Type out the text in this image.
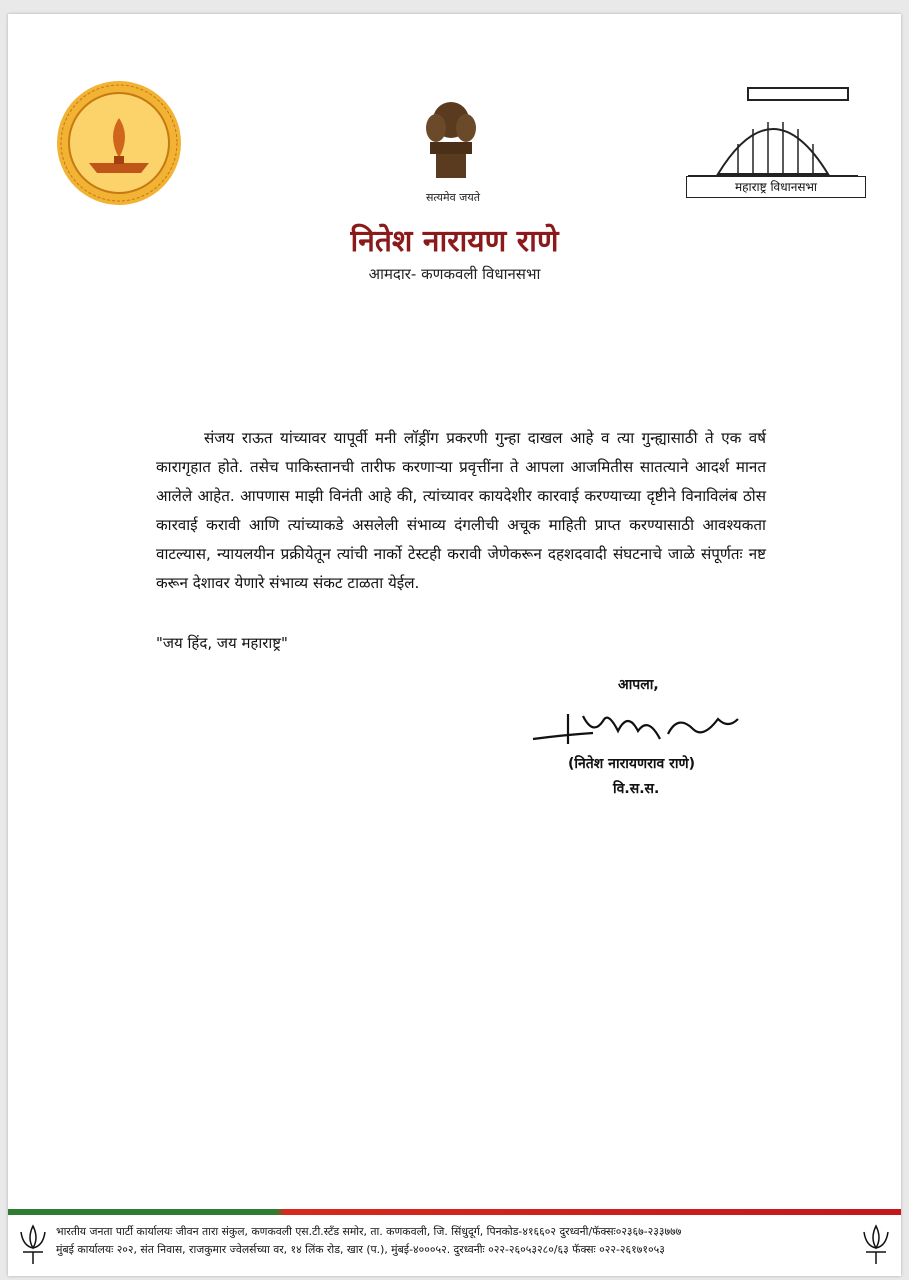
सत्यमेव जयते
महाराष्ट्र विधानसभा
नितेश नारायण राणे
आमदार- कणकवली विधानसभा
संजय राऊत यांच्यावर यापूर्वी मनी लॉड्रींग प्रकरणी गुन्हा दाखल आहे व त्या गुन्ह्यासाठी ते एक वर्ष कारागृहात होते. तसेच पाकिस्तानची तारीफ करणाऱ्या प्रवृत्तींना ते आपला आजमितीस सातत्याने आदर्श मानत आलेले आहेत. आपणास माझी विनंती आहे की, त्यांच्यावर कायदेशीर कारवाई करण्याच्या दृष्टीने विनाविलंब ठोस कारवाई करावी आणि त्यांच्याकडे असलेली संभाव्य दंगलीची अचूक माहिती प्राप्त करण्यासाठी आवश्यकता वाटल्यास, न्यायलयीन प्रक्रीयेतून त्यांची नार्को टेस्टही करावी जेणेकरून दहशदवादी संघटनाचे जाळे संपूर्णतः नष्ट करून देशावर येणारे संभाव्य संकट टाळता येईल.
"जय हिंद, जय महाराष्ट्र"
आपला,
(नितेश नारायणराव राणे)
वि.स.स.
भारतीय जनता पार्टी कार्यालयः जीवन तारा संकुल, कणकवली एस.टी.स्टँड समोर, ता. कणकवली, जि. सिंधुदूर्ग, पिनकोड-४१६६०२ दुरध्वनी/फॅक्सः०२३६७-२३३७७७
मुंबई कार्यालयः २०२, संत निवास, राजकुमार ज्वेलर्सच्या वर, १४ लिंक रोड, खार (प.), मुंबई-४०००५२. दुरध्वनीः ०२२-२६०५३२८०/६३ फॅक्सः ०२२-२६१७१०५३
